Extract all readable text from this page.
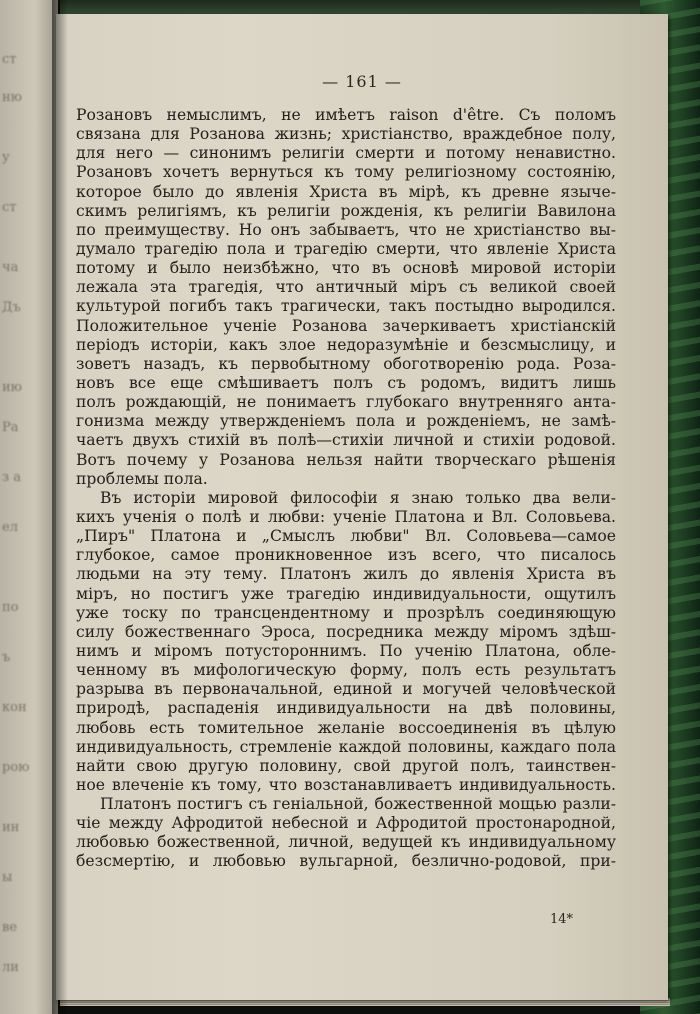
ст
ню
у
ст
ча
Дъ
ию
Ра
з а
ел
по
ъ
кон
рою
ин
ы
ве
ли
— 161 —
Розановъ немыслимъ, не имѣетъ raison d'être. Съ поломъ
связана для Розанова жизнь; христіанство, враждебное полу,
для него — синонимъ религіи смерти и потому ненавистно.
Розановъ хочетъ вернуться къ тому религіозному состоянію,
которое было до явленія Христа въ мірѣ, къ древне языче-
скимъ религіямъ, къ религіи рожденія, къ религіи Вавилона
по преимуществу. Но онъ забываетъ, что не христіанство вы-
думало трагедію пола и трагедію смерти, что явленіе Христа
потому и было неизбѣжно, что въ основѣ мировой исторіи
лежала эта трагедія, что античный міръ съ великой своей
культурой погибъ такъ трагически, такъ постыдно выродился.
Положительное ученіе Розанова зачеркиваетъ христіанскій
періодъ исторіи, какъ злое недоразумѣніе и безсмыслицу, и
зоветъ назадъ, къ первобытному обоготворенію рода. Роза-
новъ все еще смѣшиваетъ полъ съ родомъ, видитъ лишь
полъ рождающій, не понимаетъ глубокаго внутренняго анта-
гонизма между утвержденіемъ пола и рожденіемъ, не замѣ-
чаетъ двухъ стихій въ полѣ—стихіи личной и стихіи родовой.
Вотъ почему у Розанова нельзя найти творческаго рѣшенія
проблемы пола.
Въ исторіи мировой философіи я знаю только два вели-
кихъ ученія о полѣ и любви: ученіе Платона и Вл. Соловьева.
„Пиръ" Платона и „Смыслъ любви" Вл. Соловьева—самое
глубокое, самое проникновенное изъ всего, что писалось
людьми на эту тему. Платонъ жилъ до явленія Христа въ
міръ, но постигъ уже трагедію индивидуальности, ощутилъ
уже тоску по трансцендентному и прозрѣлъ соединяющую
силу божественнаго Эроса, посредника между міромъ здѣш-
нимъ и міромъ потустороннимъ. По ученію Платона, обле-
ченному въ мифологическую форму, полъ есть результатъ
разрыва въ первоначальной, единой и могучей человѣческой
природѣ, распаденія индивидуальности на двѣ половины,
любовь есть томительное желаніе воссоединенія въ цѣлую
индивидуальность, стремленіе каждой половины, каждаго пола
найти свою другую половину, свой другой полъ, таинствен-
ное влеченіе къ тому, что возстанавливаетъ индивидуальность.
Платонъ постигъ съ геніальной, божественной мощью разли-
чіе между Афродитой небесной и Афродитой простонародной,
любовью божественной, личной, ведущей къ индивидуальному
безсмертію, и любовью вульгарной, безлично-родовой, при-
14*
